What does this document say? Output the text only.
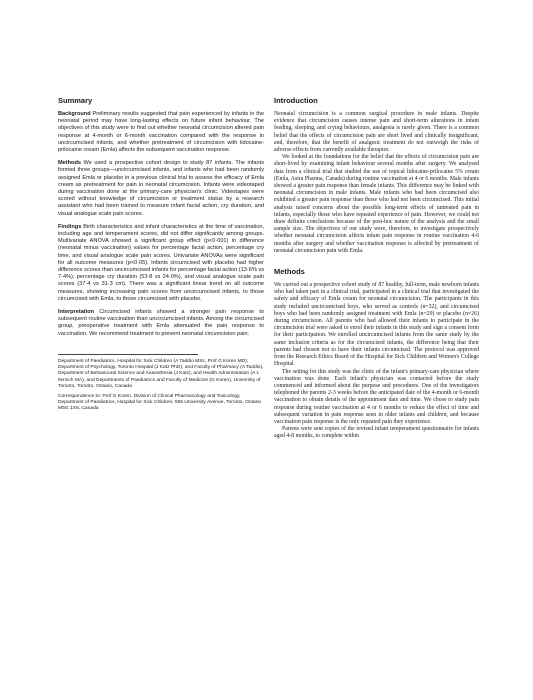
Summary

Background Preliminary results suggested that pain experienced by infants in the neonatal period may have long-lasting effects on future infant behaviour. The objectives of this study were to find out whether neonatal circumcision altered pain response at 4-month or 6-month vaccination compared with the response in uncircumcised infants, and whether pretreatment of circumcision with lidocaine-prilocaine cream (Emla) affects the subsequent vaccination response.

Methods We used a prospective cohort design to study 87 infants. The infants formed three groups—uncircumcised infants, and infants who had been randomly assigned Emla or placebo in a previous clinical trial to assess the efficacy of Emla cream as pretreatment for pain in neonatal circumcision. Infants were videotaped during vaccination done at the primary-care physician's clinic. Videotapes were scored without knowledge of circumcision or treatment status by a research assistant who had been trained to measure infant facial action, cry duration, and visual analogue scale pain scores.

Findings Birth characteristics and infant characteristics at the time of vaccination, including age and temperament scores, did not differ significantly among groups. Multivariate ANOVA showed a significant group effect (p<0·001) in difference (neonatal minus vaccination) values for percentage facial action, percentage cry time, and visual analogue scale pain scores. Univariate ANOVAs were significant for all outcome measures (p<0·05). Infants circumcised with placebo had higher difference scores than uncircumcised infants for percentage facial action (13·6% vs 7·4%), percentage cry duration (53·8 vs 24·0%), and visual analogue scale pain scores (37·4 vs 31·3 cm). There was a significant linear trend on all outcome measures, showing increasing pain scores from uncircumcised infants, to those circumcised with Emla, to those circumcised with placebo.

Interpretation Circumcised infants showed a stronger pain response to subsequent routine vaccination than uncircumcised infants. Among the circumcised group, preoperative treatment with Emla attenuated the pain response to vaccination. We recommend treatment to prevent neonatal circumcision pain.

Department of Paediatrics, Hospital for Sick Children (A Taddio MSc, Prof G Koren MD); Department of Psychology, Toronto Hospital (J Katz PhD); and Faculty of Pharmacy (A Taddio), Department of Behavioural Science and Anaesthesia (J Katz), and Health Administration (A L Ilersich MA), and Departments of Paediatrics and Faculty of Medicine (G Koren), University of Toronto, Toronto, Ontario, Canada

Correspondence to: Prof G Koren, Division of Clinical Pharmacology and Toxicology, Department of Paediatrics, Hospital for Sick Children, 555 University Avenue, Toronto, Ontario M5G 1X8, Canada

Introduction

Neonatal circumcision is a common surgical procedure in male infants. Despite evidence that circumcision causes intense pain and short-term alterations in infant feeding, sleeping, and crying behaviours, analgesia is rarely given. There is a common belief that the effects of circumcision pain are short lived and clinically insignificant, and, therefore, that the benefit of analgesic treatment do not outweigh the risks of adverse effects from currently available therapies.

We looked at the foundations for the belief that the effects of circumcision pain are short-lived by examining infant behaviour several months after surgery. We analysed data from a clinical trial that studied the use of topical lidocaine-prilocaine 5% cream (Emla, Astra Pharma, Canada) during routine vaccination at 4 or 6 months. Male infants showed a greater pain response than female infants. This difference may be linked with neonatal circumcision in male infants. Male infants who had been circumcised also exhibited a greater pain response than those who had not been circumcised. This initial analysis raised concerns about the possible long-term effects of untreated pain in infants, especially those who have repeated experience of pain. However, we could not draw definite conclusions because of the post-hoc nature of the analysis and the small sample size. The objectives of our study were, therefore, to investigate prospectively whether neonatal circumcision affects infant pain response in routine vaccination 4-6 months after surgery and whether vaccination response is affected by pretreatment of neonatal circumcision pain with Emla.

Methods

We carried out a prospective cohort study of 87 healthy, full-term, male newborn infants who had taken part in a clinical trial, participated in a clinical trial that investigated the safety and efficacy of Emla cream for neonatal circumcision. The participants in this study included uncircumcised boys, who served as controls (n=32), and circumcised boys who had been randomly assigned treatment with Emla (n=29) or placebo (n=26) during circumcision. All parents who had allowed their infants to participate in the circumcision trial were asked to enrol their infants in this study and sign a consent form for their participation. We enrolled uncircumcised infants from the same study by the same inclusion criteria as for the circumcised infants, the difference being that their parents had chosen not to have their infants circumcised. The protocol was approved from the Research Ethics Board of the Hospital for Sick Children and Women's College Hospital.

The setting for this study was the clinic of the infant's primary-care physician where vaccination was done. Each infant's physician was contacted before the study commenced and informed about the purpose and procedures. One of the investigators telephoned the parents 2-3 weeks before the anticipated date of the 4-month or 6-month vaccination to obtain details of the appointment date and time. We chose to study pain response during routine vaccination at 4 or 6 months to reduce the effect of time and subsequent variation in pain response seen in older infants and children, and because vaccination pain response is the only repeated pain they experience.

Parents were sent copies of the revised infant temperament questionnaire for infants aged 4-8 months, to complete within
